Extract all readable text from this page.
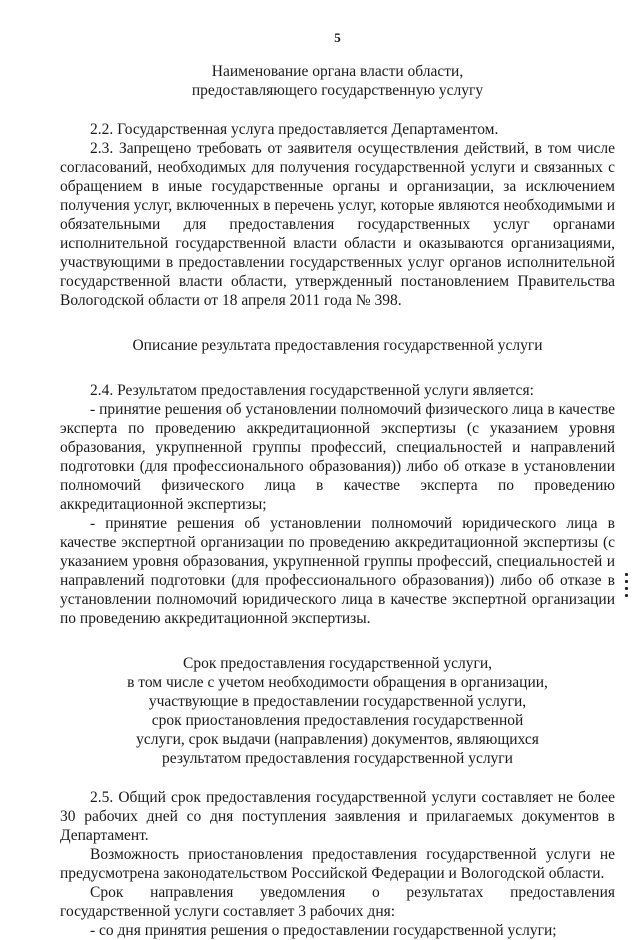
5

Наименование органа власти области,

предоставляющего государственную услугу

2.2. Государственная услуга предоставляется Департаментом.

2.3. Запрещено требовать от заявителя осуществления действий, в том числе согласований, необходимых для получения государственной услуги и связанных с обращением в иные государственные органы и организации, за исключением получения услуг, включенных в перечень услуг, которые являются необходимыми и обязательными для предоставления государственных услуг органами исполнительной государственной власти области и оказываются организациями, участвующими в предоставлении государственных услуг органов исполнительной государственной власти области, утвержденный постановлением Правительства Вологодской области от 18 апреля 2011 года № 398.

Описание результата предоставления государственной услуги

2.4. Результатом предоставления государственной услуги является:

- принятие решения об установлении полномочий физического лица в качестве эксперта по проведению аккредитационной экспертизы (с указанием уровня образования, укрупненной группы профессий, специальностей и направлений подготовки (для профессионального образования)) либо об отказе в установлении полномочий физического лица в качестве эксперта по проведению аккредитационной экспертизы;

- принятие решения об установлении полномочий юридического лица в качестве экспертной организации по проведению аккредитационной экспертизы (с указанием уровня образования, укрупненной группы профессий, специальностей и направлений подготовки (для профессионального образования)) либо об отказе в установлении полномочий юридического лица в качестве экспертной организации по проведению аккредитационной экспертизы.

Срок предоставления государственной услуги,

в том числе с учетом необходимости обращения в организации,

участвующие в предоставлении государственной услуги,

срок приостановления предоставления государственной

услуги, срок выдачи (направления) документов, являющихся

результатом предоставления государственной услуги

2.5. Общий срок предоставления государственной услуги составляет не более 30 рабочих дней со дня поступления заявления и прилагаемых документов в Департамент.

Возможность приостановления предоставления государственной услуги не предусмотрена законодательством Российской Федерации и Вологодской области.

Срок направления уведомления о результатах предоставления государственной услуги составляет 3 рабочих дня:

- со дня принятия решения о предоставлении государственной услуги;
